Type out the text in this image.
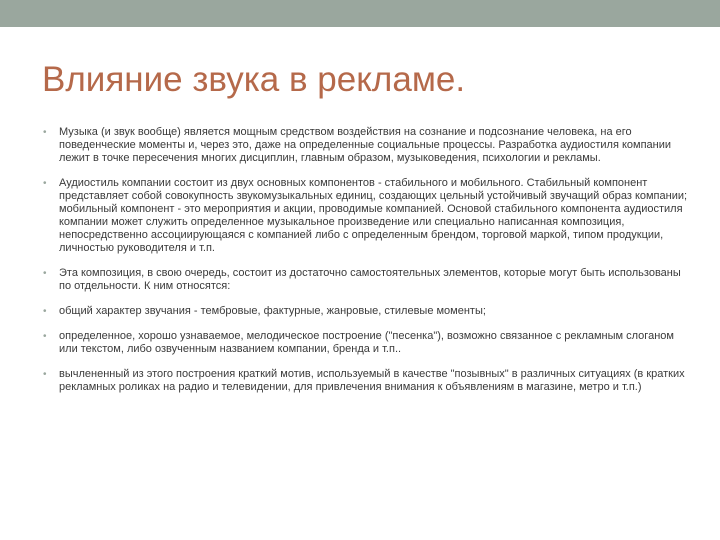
Влияние звука в рекламе.
• Музыка (и звук вообще) является мощным средством воздействия на сознание и подсознание человека, на его поведенческие моменты и, через это, даже на определенные социальные процессы. Разработка аудиостиля компании лежит в точке пересечения многих дисциплин, главным образом, музыковедения, психологии и рекламы.
• Аудиостиль компании состоит из двух основных компонентов - стабильного и мобильного. Стабильный компонент представляет собой совокупность звукомузыкальных единиц, создающих цельный устойчивый звучащий образ компании; мобильный компонент - это мероприятия и акции, проводимые компанией. Основой стабильного компонента аудиостиля компании может служить определенное музыкальное произведение или специально написанная композиция, непосредственно ассоциирующаяся с компанией либо с определенным брендом, торговой маркой, типом продукции, личностью руководителя и т.п.
• Эта композиция, в свою очередь, состоит из достаточно самостоятельных элементов, которые могут быть использованы по отдельности. К ним относятся:
• общий характер звучания - тембровые, фактурные, жанровые, стилевые моменты;
• определенное, хорошо узнаваемое, мелодическое построение ("песенка"), возможно связанное с рекламным слоганом или текстом, либо озвученным названием компании, бренда и т.п..
• вычлененный из этого построения краткий мотив, используемый в качестве "позывных" в различных ситуациях (в кратких рекламных роликах на радио и телевидении, для привлечения внимания к объявлениям в магазине, метро и т.п.)
